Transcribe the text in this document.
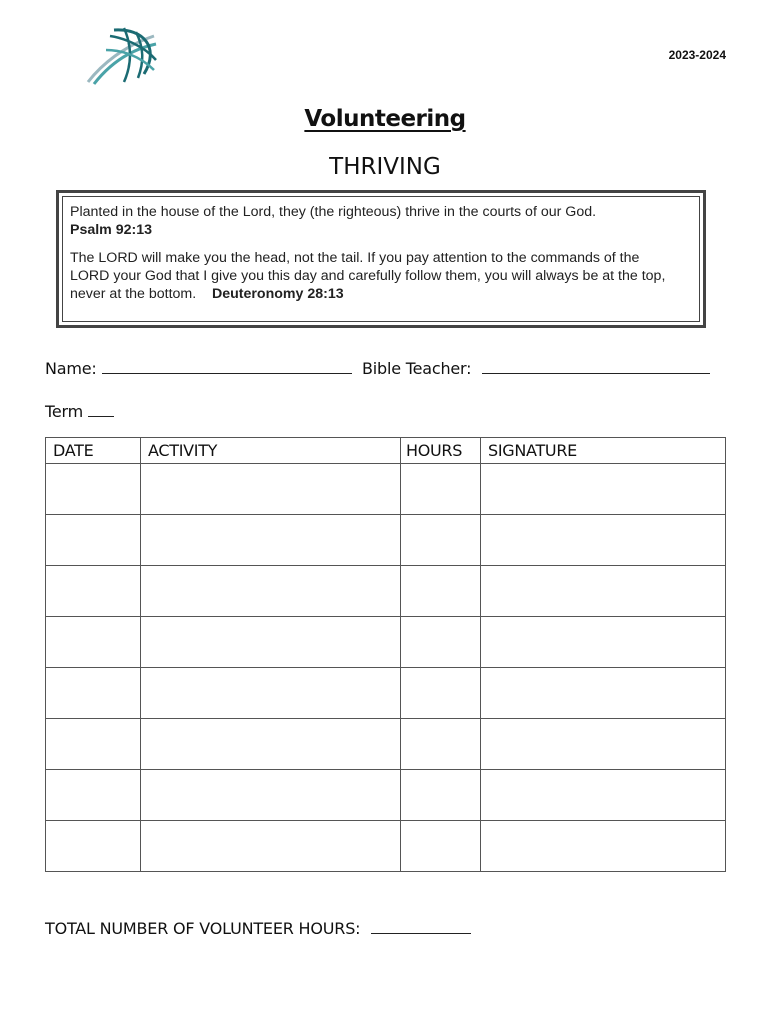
2023-2024
Volunteering
THRIVING
Planted in the house of the Lord, they (the righteous) thrive in the courts of our God.
Psalm 92:13
The LORD will make you the head, not the tail. If you pay attention to the commands of the LORD your God that I give you this day and carefully follow them, you will always be at the top, never at the bottom. Deuteronomy 28:13
Name:	Bible Teacher:
Term
DATE	ACTIVITY	HOURS	SIGNATURE

TOTAL NUMBER OF VOLUNTEER HOURS:
